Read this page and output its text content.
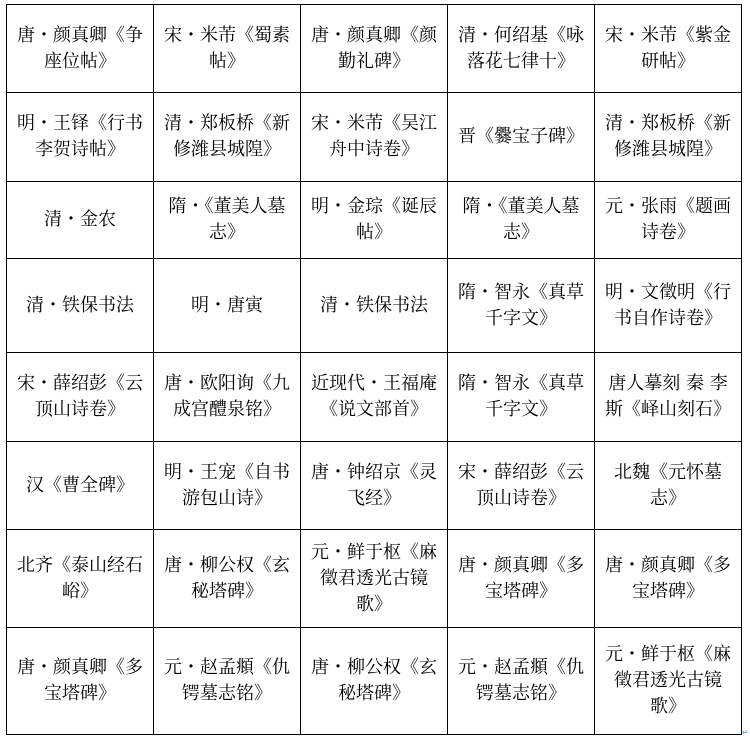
唐・颜真卿《争座位帖》	宋・米芾《蜀素帖》	唐・颜真卿《颜勤礼碑》	清・何绍基《咏落花七律十》	宋・米芾《紫金研帖》
明・王铎《行书李贺诗帖》	清・郑板桥《新修潍县城隍》	宋・米芾《吴江舟中诗卷》	晋《爨宝子碑》	清・郑板桥《新修潍县城隍》
清・金农	隋・《董美人墓志》	明・金琮《诞辰帖》	隋・《董美人墓志》	元・张雨《题画诗卷》
清・铁保书法	明・唐寅	清・铁保书法	隋・智永《真草千字文》	明・文徵明《行书自作诗卷》
宋・薛绍彭《云顶山诗卷》	唐・欧阳询《九成宫醴泉铭》	近现代・王福庵《说文部首》	隋・智永《真草千字文》	唐人摹刻 秦 李斯《峄山刻石》
汉《曹全碑》	明・王宠《自书游包山诗》	唐・钟绍京《灵飞经》	宋・薛绍彭《云顶山诗卷》	北魏《元怀墓志》
北齐《泰山经石峪》	唐・柳公权《玄秘塔碑》	元・鲜于枢《麻徵君透光古镜歌》	唐・颜真卿《多宝塔碑》	唐・颜真卿《多宝塔碑》
唐・颜真卿《多宝塔碑》	元・赵孟頫《仇锷墓志铭》	唐・柳公权《玄秘塔碑》	元・赵孟頫《仇锷墓志铭》	元・鲜于枢《麻徵君透光古镜歌》
↵
